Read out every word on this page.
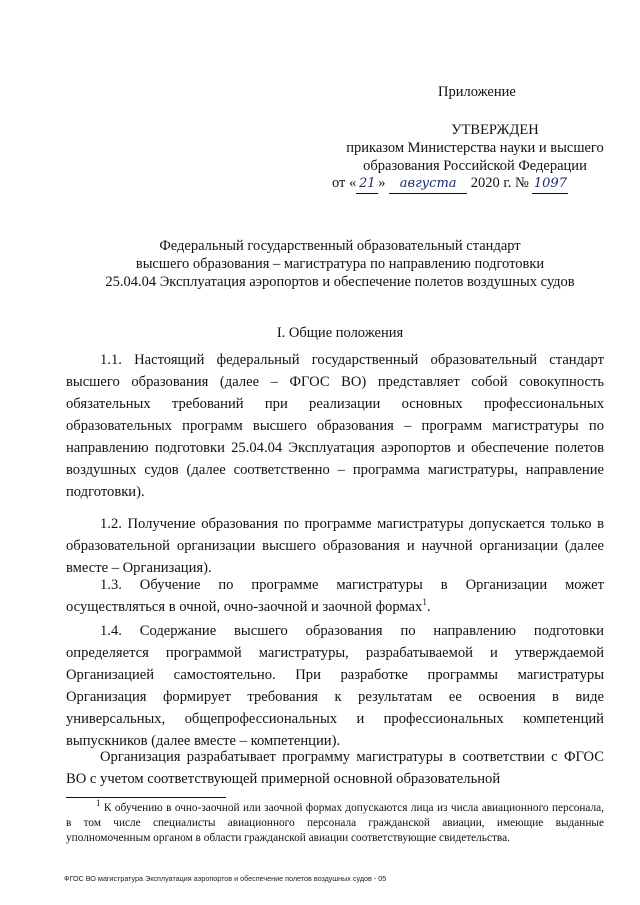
Приложение
УТВЕРЖДЕН
приказом Министерства науки и высшего
образования Российской Федерации
от « 21 » августа 2020 г. № 1097
Федеральный государственный образовательный стандарт
высшего образования – магистратура по направлению подготовки
25.04.04 Эксплуатация аэропортов и обеспечение полетов воздушных судов
I. Общие положения

1.1. Настоящий федеральный государственный образовательный стандарт высшего образования (далее – ФГОС ВО) представляет собой совокупность обязательных требований при реализации основных профессиональных образовательных программ высшего образования – программ магистратуры по направлению подготовки 25.04.04 Эксплуатация аэропортов и обеспечение полетов воздушных судов (далее соответственно – программа магистратуры, направление подготовки).

1.2. Получение образования по программе магистратуры допускается только в образовательной организации высшего образования и научной организации (далее вместе – Организация).

1.3. Обучение по программе магистратуры в Организации может осуществляться в очной, очно-заочной и заочной формах$^1$.

1.4. Содержание высшего образования по направлению подготовки определяется программой магистратуры, разрабатываемой и утверждаемой Организацией самостоятельно. При разработке программы магистратуры Организация формирует требования к результатам ее освоения в виде универсальных, общепрофессиональных и профессиональных компетенций выпускников (далее вместе – компетенции).

Организация разрабатывает программу магистратуры в соответствии с ФГОС ВО с учетом соответствующей примерной основной образовательной

$^1$ К обучению в очно-заочной или заочной формах допускаются лица из числа авиационного персонала, в том числе специалисты авиационного персонала гражданской авиации, имеющие выданные уполномоченным органом в области гражданской авиации соответствующие свидетельства.

ФГОС ВО магистратура Эксплуатация аэропортов и обеспечение полетов воздушных судов - 05
